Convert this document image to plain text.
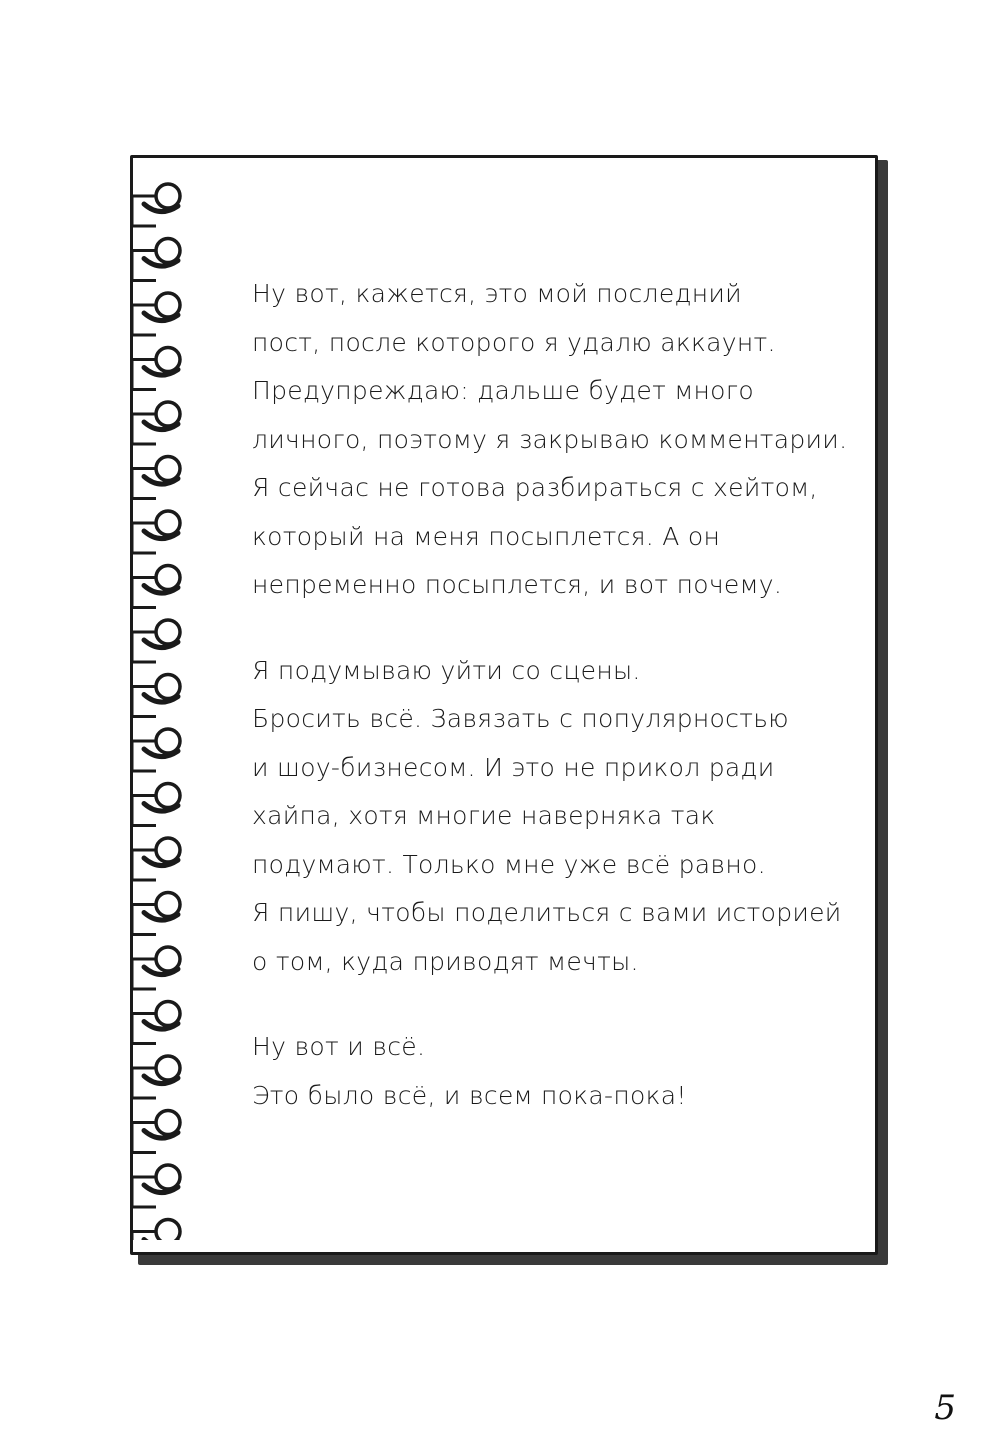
Ну вот, кажется, это мой последний
пост, после которого я удалю аккаунт.
Предупреждаю: дальше будет много
личного, поэтому я закрываю комментарии.
Я сейчас не готова разбираться с хейтом,
который на меня посыплется. А он
непременно посыплется, и вот почему.
Я подумываю уйти со сцены.
Бросить всё. Завязать с популярностью
и шоу-бизнесом. И это не прикол ради
хайпа, хотя многие наверняка так
подумают. Только мне уже всё равно.
Я пишу, чтобы поделиться с вами историей
о том, куда приводят мечты.
Ну вот и всё.
Это было всё, и всем пока-пока!
5
